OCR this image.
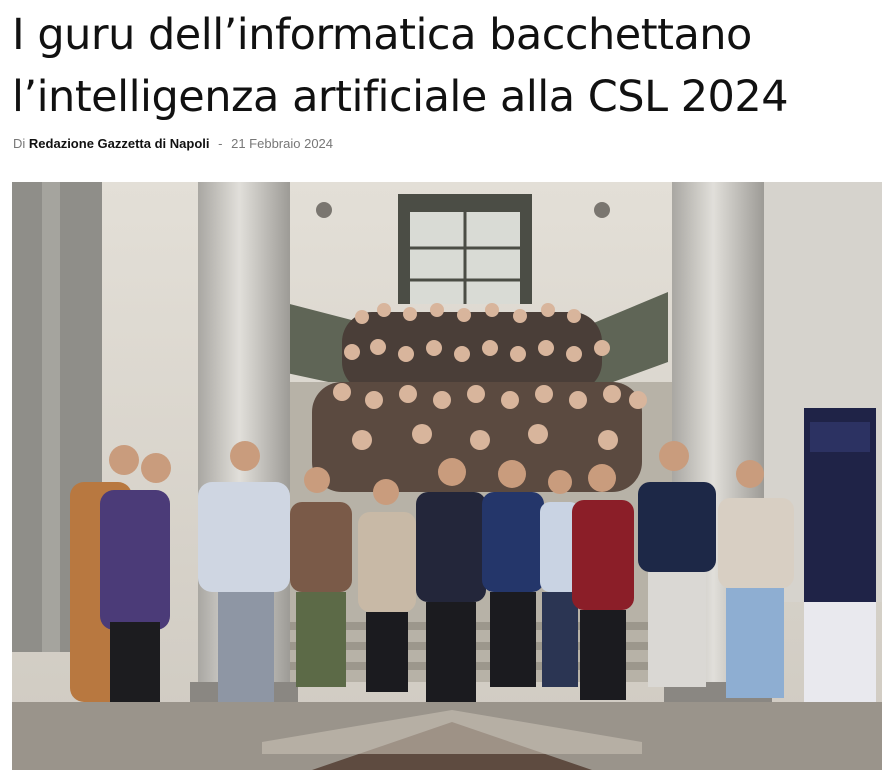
I guru dell’informatica bacchettano l’intelligenza artificiale alla CSL 2024
Di Redazione Gazzetta di Napoli - 21 Febbraio 2024
